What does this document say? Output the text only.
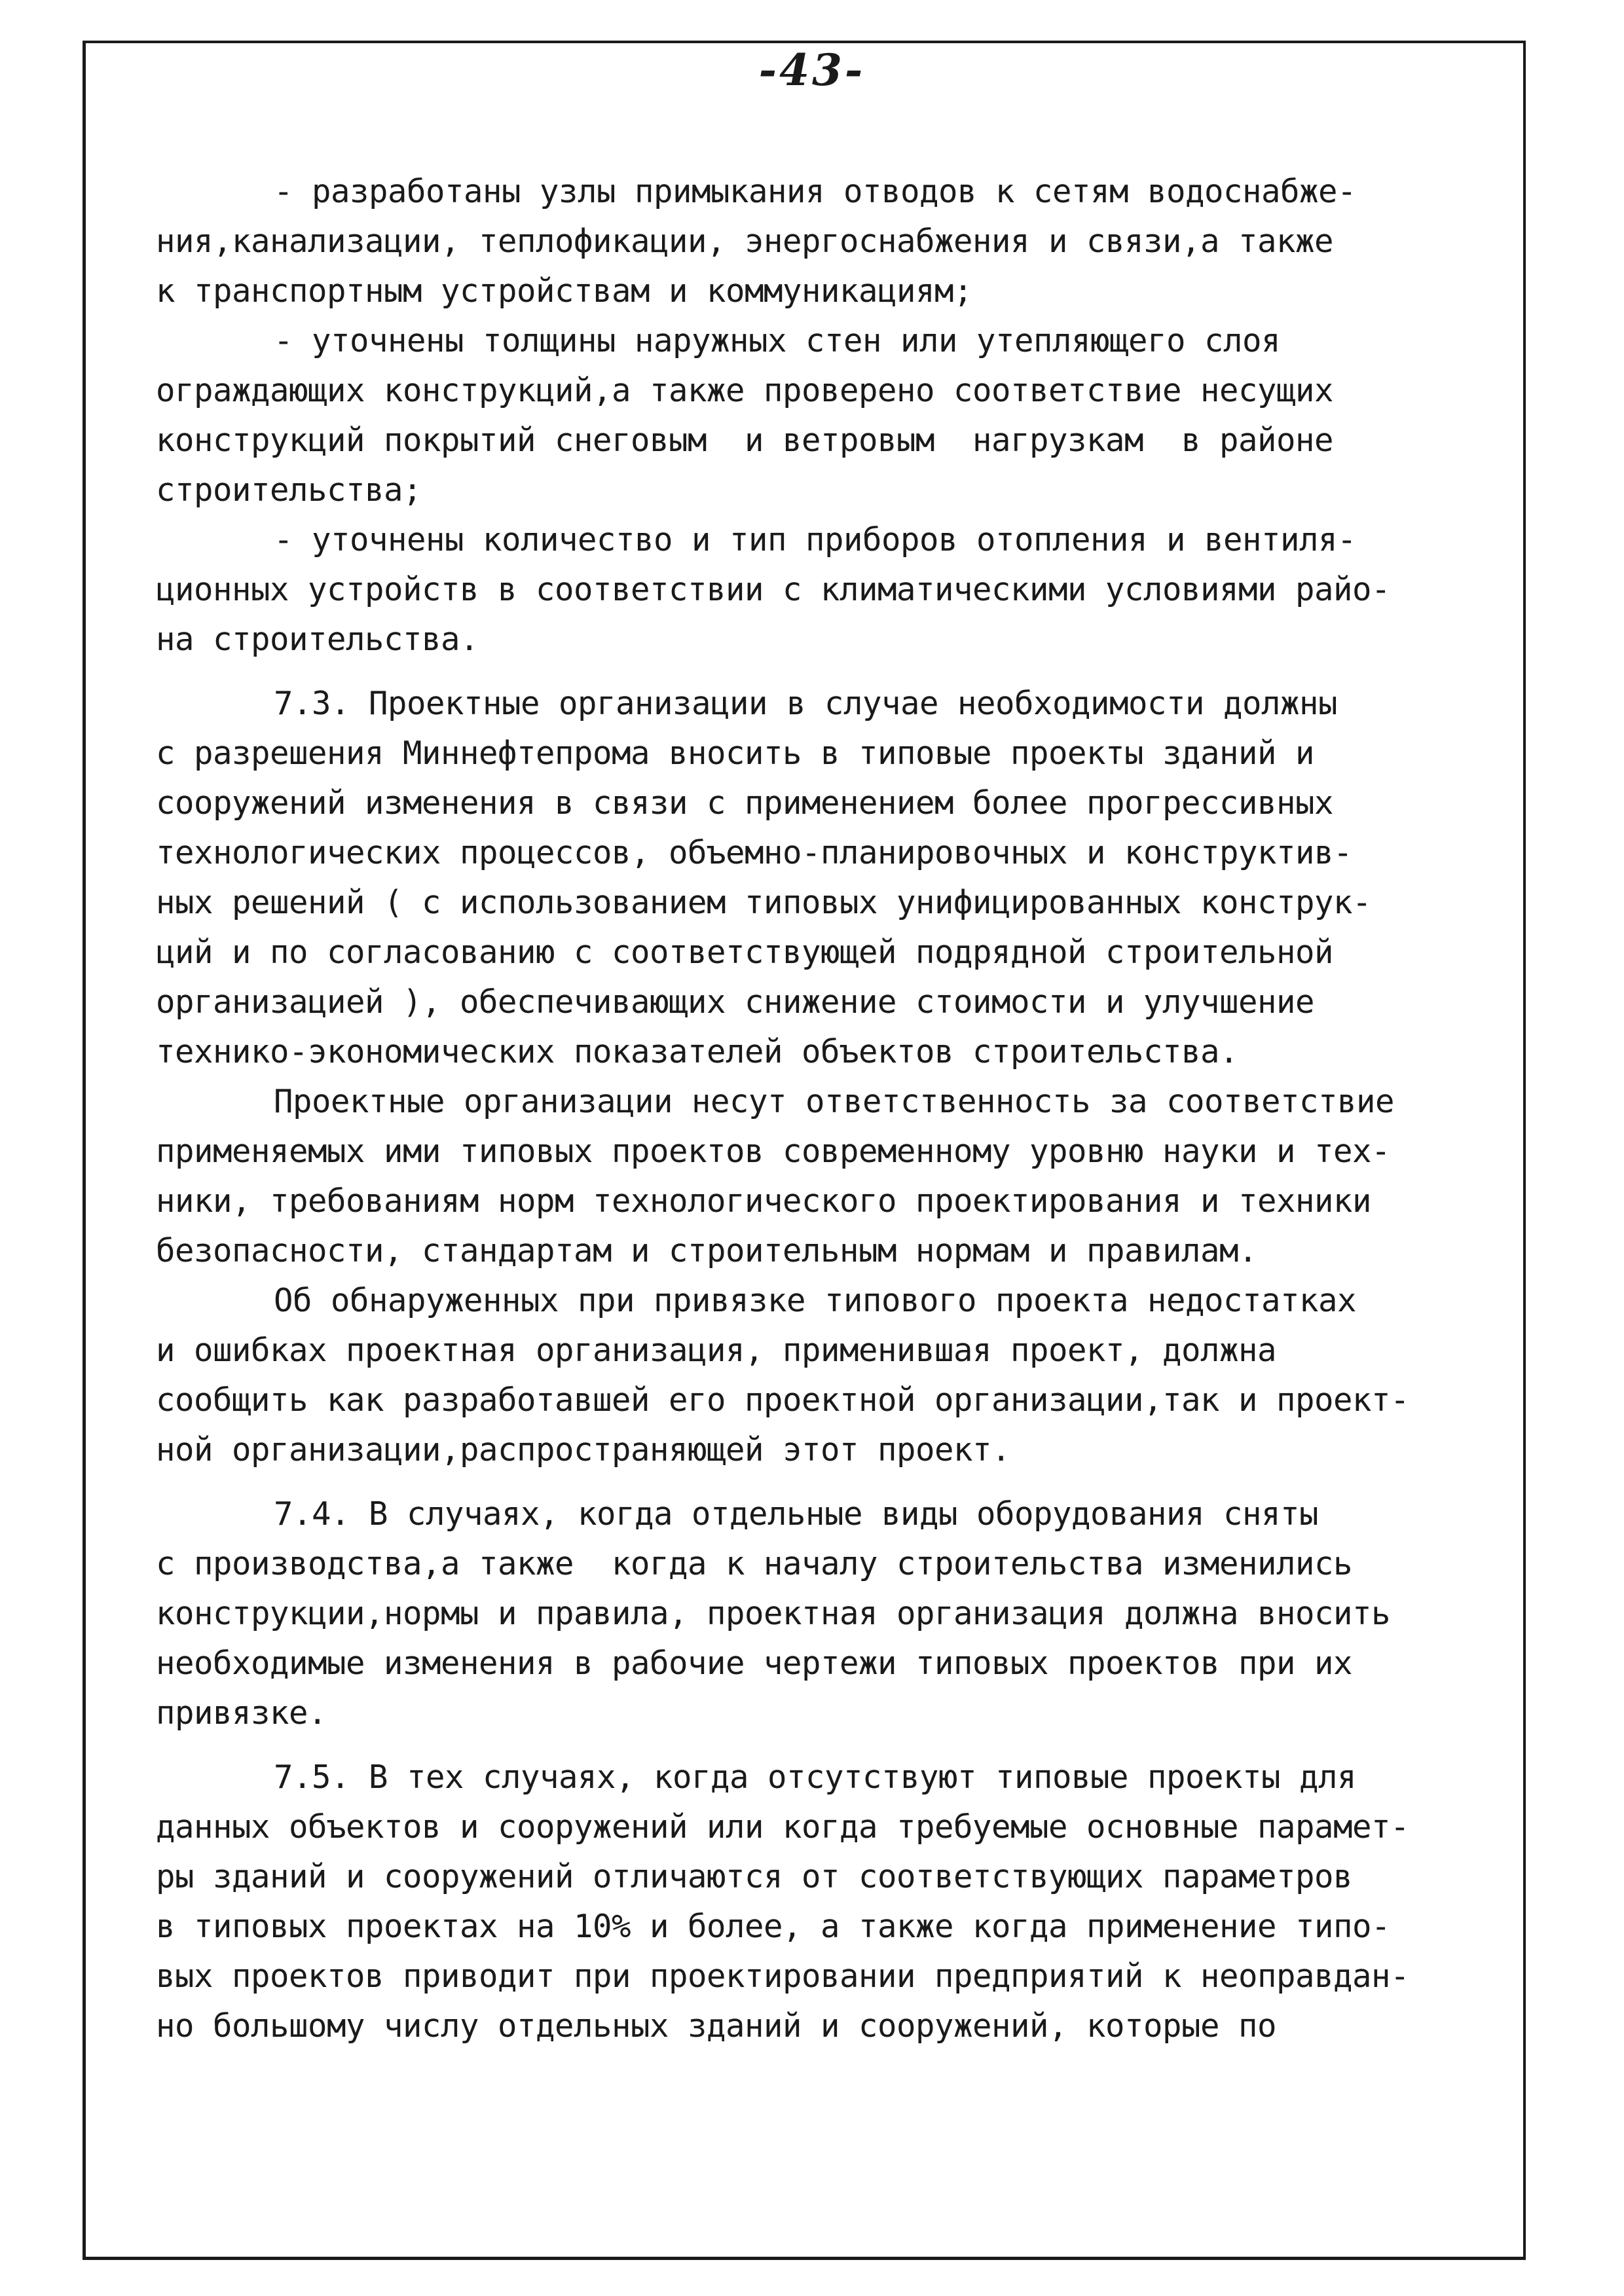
-43-
- разработаны узлы примыкания отводов к сетям водоснабже-
ния,канализации, теплофикации, энергоснабжения и связи,а также
к транспортным устройствам и коммуникациям;
- уточнены толщины наружных стен или утепляющего слоя
ограждающих конструкций,а также проверено соответствие несущих
конструкций покрытий снеговым  и ветровым  нагрузкам  в районе
строительства;
- уточнены количество и тип приборов отопления и вентиля-
ционных устройств в соответствии с климатическими условиями райо-
на строительства.
7.3. Проектные организации в случае необходимости должны
с разрешения Миннефтепрома вносить в типовые проекты зданий и
сооружений изменения в связи с применением более прогрессивных
технологических процессов, объемно-планировочных и конструктив-
ных решений ( с использованием типовых унифицированных конструк-
ций и по согласованию с соответствующей подрядной строительной
организацией ), обеспечивающих снижение стоимости и улучшение
технико-экономических показателей объектов строительства.
Проектные организации несут ответственность за соответствие
применяемых ими типовых проектов современному уровню науки и тех-
ники, требованиям норм технологического проектирования и техники
безопасности, стандартам и строительным нормам и правилам.
Об обнаруженных при привязке типового проекта недостатках
и ошибках проектная организация, применившая проект, должна
сообщить как разработавшей его проектной организации,так и проект-
ной организации,распространяющей этот проект.
7.4. В случаях, когда отдельные виды оборудования сняты
с производства,а также  когда к началу строительства изменились
конструкции,нормы и правила, проектная организация должна вносить
необходимые изменения в рабочие чертежи типовых проектов при их
привязке.
7.5. В тех случаях, когда отсутствуют типовые проекты для
данных объектов и сооружений или когда требуемые основные парамет-
ры зданий и сооружений отличаются от соответствующих параметров
в типовых проектах на 10% и более, а также когда применение типо-
вых проектов приводит при проектировании предприятий к неоправдан-
но большому числу отдельных зданий и сооружений, которые по
